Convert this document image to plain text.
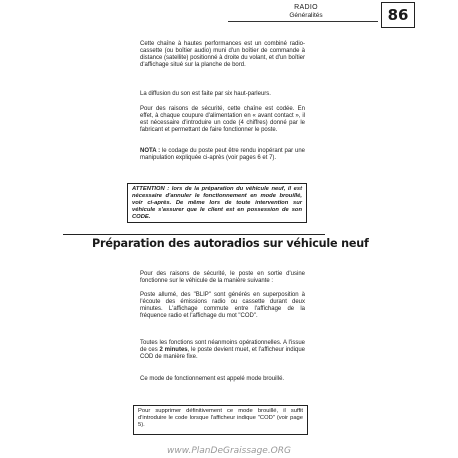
RADIO
Généralités	86
Cette chaîne à hautes performances est un combiné radio-cassette (ou boîtier audio) muni d'un boîtier de commande à distance (satellite) positionné à droite du volant, et d'un boîtier d'affichage situé sur la planche de bord.
La diffusion du son est faite par six haut-parleurs.
Pour des raisons de sécurité, cette chaîne est codée. En effet, à chaque coupure d'alimentation en « avant contact », il est nécessaire d'introduire un code (4 chiffres) donné par le fabricant et permettant de faire fonctionner le poste.
NOTA : le codage du poste peut être rendu inopérant par une manipulation expliquée ci-après (voir pages 6 et 7).
ATTENTION : lors de la préparation du véhicule neuf, il est nécessaire d'annuler le fonctionnement en mode brouillé, voir ci-après. De même lors de toute intervention sur véhicule s'assurer que le client est en possession de son CODE.
Préparation des autoradios sur véhicule neuf
Pour des raisons de sécurité, le poste en sortie d'usine fonctionne sur le véhicule de la manière suivante :
Poste allumé, des "BLIP" sont générés en superposition à l'écoute des émissions radio ou cassette durant deux minutes. L'affichage commute entre l'affichage de la fréquence radio et l'affichage du mot "COD".
Toutes les fonctions sont néanmoins opérationnelles. A l'issue de ces 2 minutes, le poste devient muet, et l'afficheur indique COD de manière fixe.
Ce mode de fonctionnement est appelé mode brouillé.
Pour supprimer définitivement ce mode brouillé, il suffit d'introduire le code lorsque l'afficheur indique "COD" (voir page 5).
www.PlanDeGraissage.ORG
